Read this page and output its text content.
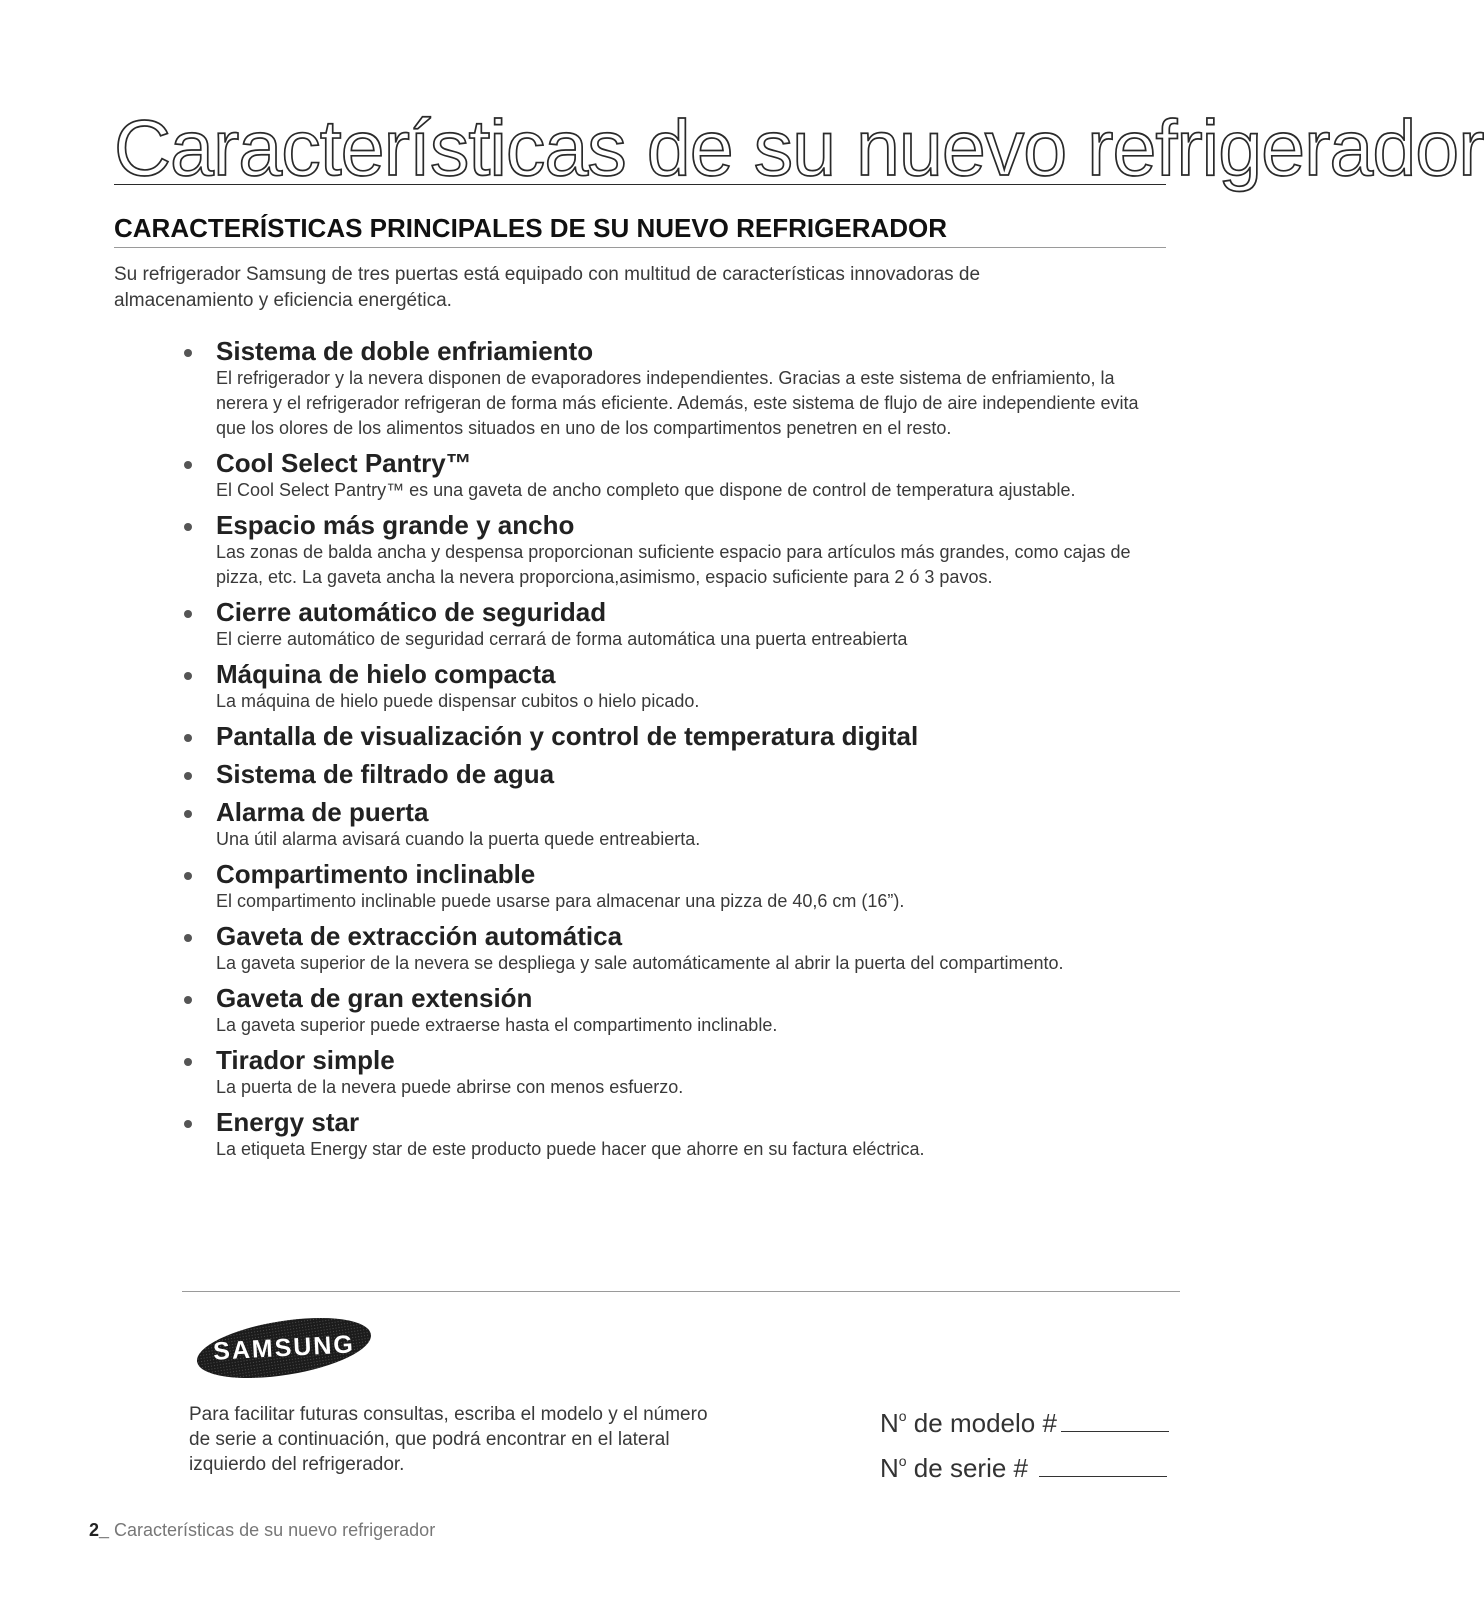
Características de su nuevo refrigerador
CARACTERÍSTICAS PRINCIPALES DE SU NUEVO REFRIGERADOR

Su refrigerador Samsung de tres puertas está equipado con multitud de características innovadoras de almacenamiento y eficiencia energética.

Sistema de doble enfriamiento
El refrigerador y la nevera disponen de evaporadores independientes. Gracias a este sistema de enfriamiento, la nerera y el refrigerador refrigeran de forma más eficiente. Además, este sistema de flujo de aire independiente evita que los olores de los alimentos situados en uno de los compartimentos penetren en el resto.
Cool Select Pantry™
El Cool Select Pantry™ es una gaveta de ancho completo que dispone de control de temperatura ajustable.
Espacio más grande y ancho
Las zonas de balda ancha y despensa proporcionan suficiente espacio para artículos más grandes, como cajas de pizza, etc. La gaveta ancha la nevera proporciona,asimismo, espacio suficiente para 2 ó 3 pavos.
Cierre automático de seguridad
El cierre automático de seguridad cerrará de forma automática una puerta entreabierta
Máquina de hielo compacta
La máquina de hielo puede dispensar cubitos o hielo picado.
Pantalla de visualización y control de temperatura digital
Sistema de filtrado de agua
Alarma de puerta
Una útil alarma avisará cuando la puerta quede entreabierta.
Compartimento inclinable
El compartimento inclinable puede usarse para almacenar una pizza de 40,6 cm (16”).
Gaveta de extracción automática
La gaveta superior de la nevera se despliega y sale automáticamente al abrir la puerta del compartimento.
Gaveta de gran extensión
La gaveta superior puede extraerse hasta el compartimento inclinable.
Tirador simple
La puerta de la nevera puede abrirse con menos esfuerzo.
Energy star
La etiqueta Energy star de este producto puede hacer que ahorre en su factura eléctrica.
SAMSUNG

Para facilitar futuras consultas, escriba el modelo y el número de serie a continuación, que podrá encontrar en el lateral izquierdo del refrigerador.

$N^o$ de modelo #
$N^o$ de serie #
2_ Características de su nuevo refrigerador
